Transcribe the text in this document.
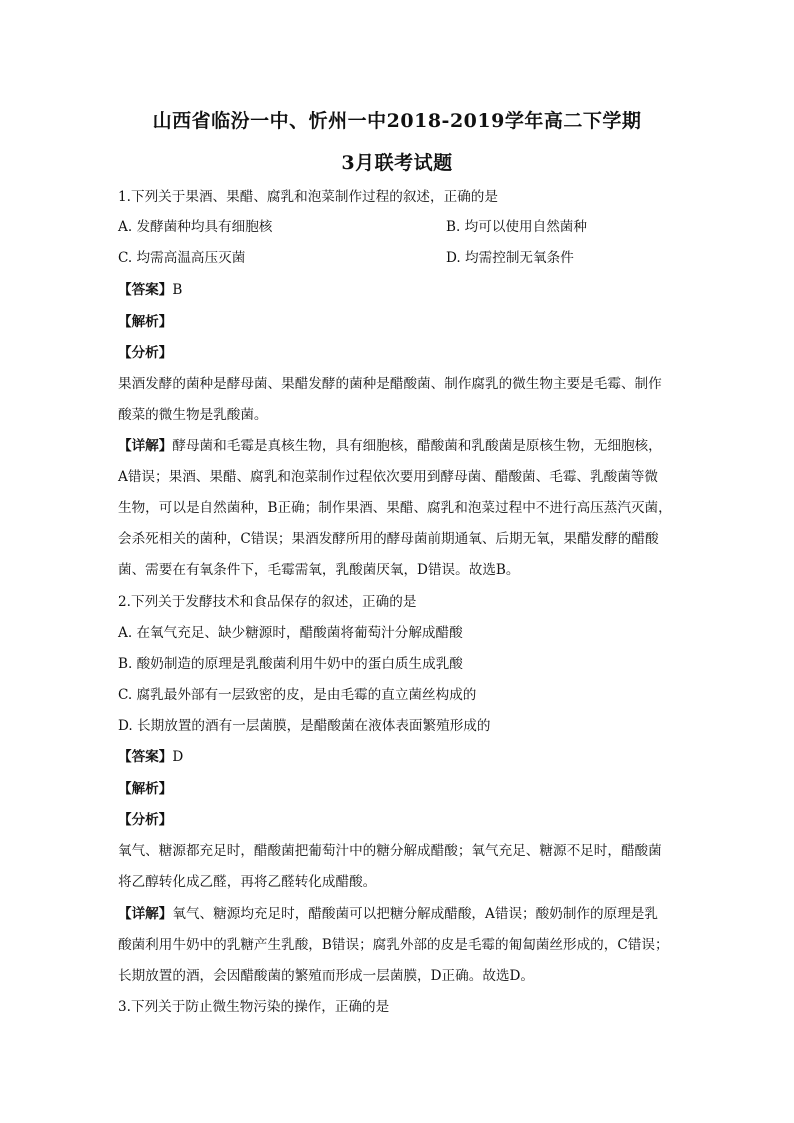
山西省临汾一中、忻州一中2018-2019学年高二下学期
3月联考试题
1.下列关于果酒、果醋、腐乳和泡菜制作过程的叙述，正确的是
A. 发酵菌种均具有细胞核	B. 均可以使用自然菌种
C. 均需高温高压灭菌	D. 均需控制无氧条件
【答案】B
【解析】
【分析】
果酒发酵的菌种是酵母菌、果醋发酵的菌种是醋酸菌、制作腐乳的微生物主要是毛霉、制作
酸菜的微生物是乳酸菌。
【详解】酵母菌和毛霉是真核生物，具有细胞核，醋酸菌和乳酸菌是原核生物，无细胞核，
A错误；果酒、果醋、腐乳和泡菜制作过程依次要用到酵母菌、醋酸菌、毛霉、乳酸菌等微
生物，可以是自然菌种，B正确；制作果酒、果醋、腐乳和泡菜过程中不进行高压蒸汽灭菌，
会杀死相关的菌种，C错误；果酒发酵所用的酵母菌前期通氧、后期无氧，果醋发酵的醋酸
菌、需要在有氧条件下，毛霉需氧，乳酸菌厌氧，D错误。故选B。
2.下列关于发酵技术和食品保存的叙述，正确的是
A. 在氧气充足、缺少糖源时，醋酸菌将葡萄汁分解成醋酸
B. 酸奶制造的原理是乳酸菌利用牛奶中的蛋白质生成乳酸
C. 腐乳最外部有一层致密的皮，是由毛霉的直立菌丝构成的
D. 长期放置的酒有一层菌膜，是醋酸菌在液体表面繁殖形成的
【答案】D
【解析】
【分析】
氧气、糖源都充足时，醋酸菌把葡萄汁中的糖分解成醋酸；氧气充足、糖源不足时，醋酸菌
将乙醇转化成乙醛，再将乙醛转化成醋酸。
【详解】氧气、糖源均充足时，醋酸菌可以把糖分解成醋酸，A错误；酸奶制作的原理是乳
酸菌利用牛奶中的乳糖产生乳酸，B错误；腐乳外部的皮是毛霉的匍匐菌丝形成的，C错误；
长期放置的酒，会因醋酸菌的繁殖而形成一层菌膜，D正确。故选D。
3.下列关于防止微生物污染的操作，正确的是
